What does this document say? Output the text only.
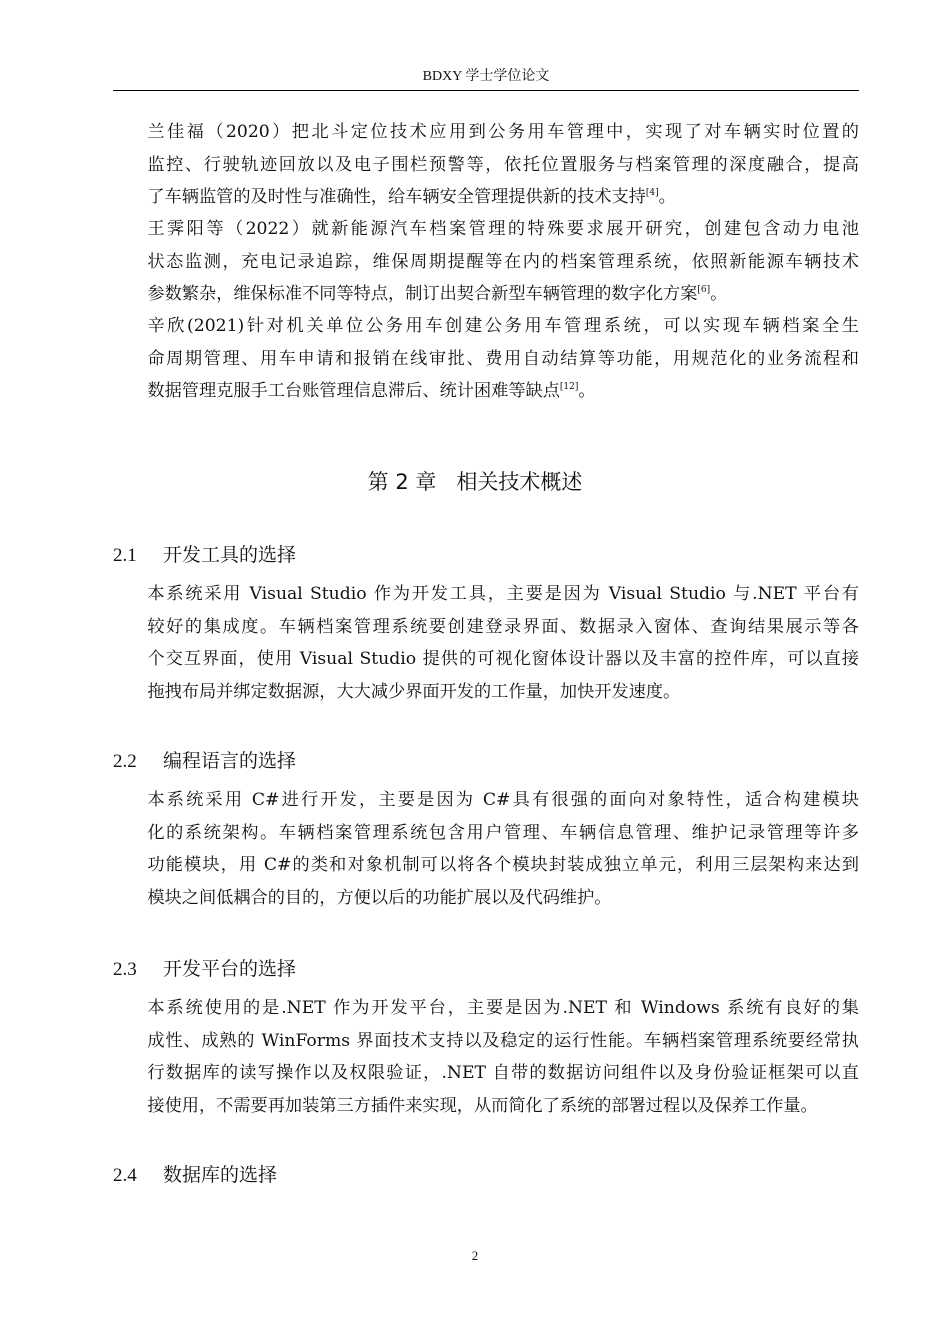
BDXY 学士学位论文

兰佳福（2020）把北斗定位技术应用到公务用车管理中，实现了对车辆实时位置的
监控、行驶轨迹回放以及电子围栏预警等，依托位置服务与档案管理的深度融合，提高
了车辆监管的及时性与准确性，给车辆安全管理提供新的技术支持[4]。

王霁阳等（2022）就新能源汽车档案管理的特殊要求展开研究，创建包含动力电池
状态监测，充电记录追踪，维保周期提醒等在内的档案管理系统，依照新能源车辆技术
参数繁杂，维保标准不同等特点，制订出契合新型车辆管理的数字化方案[6]。

辛欣(2021)针对机关单位公务用车创建公务用车管理系统，可以实现车辆档案全生
命周期管理、用车申请和报销在线审批、费用自动结算等功能，用规范化的业务流程和
数据管理克服手工台账管理信息滞后、统计困难等缺点[12]。

第 2 章 相关技术概述
2.1 开发工具的选择

本系统采用 Visual Studio 作为开发工具，主要是因为 Visual Studio 与.NET 平台有
较好的集成度。车辆档案管理系统要创建登录界面、数据录入窗体、查询结果展示等各
个交互界面，使用 Visual Studio 提供的可视化窗体设计器以及丰富的控件库，可以直接
拖拽布局并绑定数据源，大大减少界面开发的工作量，加快开发速度。

2.2 编程语言的选择

本系统采用 C#进行开发，主要是因为 C#具有很强的面向对象特性，适合构建模块
化的系统架构。车辆档案管理系统包含用户管理、车辆信息管理、维护记录管理等许多
功能模块，用 C#的类和对象机制可以将各个模块封装成独立单元，利用三层架构来达到
模块之间低耦合的目的，方便以后的功能扩展以及代码维护。

2.3 开发平台的选择

本系统使用的是.NET 作为开发平台，主要是因为.NET 和 Windows 系统有良好的集
成性、成熟的 WinForms 界面技术支持以及稳定的运行性能。车辆档案管理系统要经常执
行数据库的读写操作以及权限验证，.NET 自带的数据访问组件以及身份验证框架可以直
接使用，不需要再加装第三方插件来实现，从而简化了系统的部署过程以及保养工作量。

2.4 数据库的选择
2
